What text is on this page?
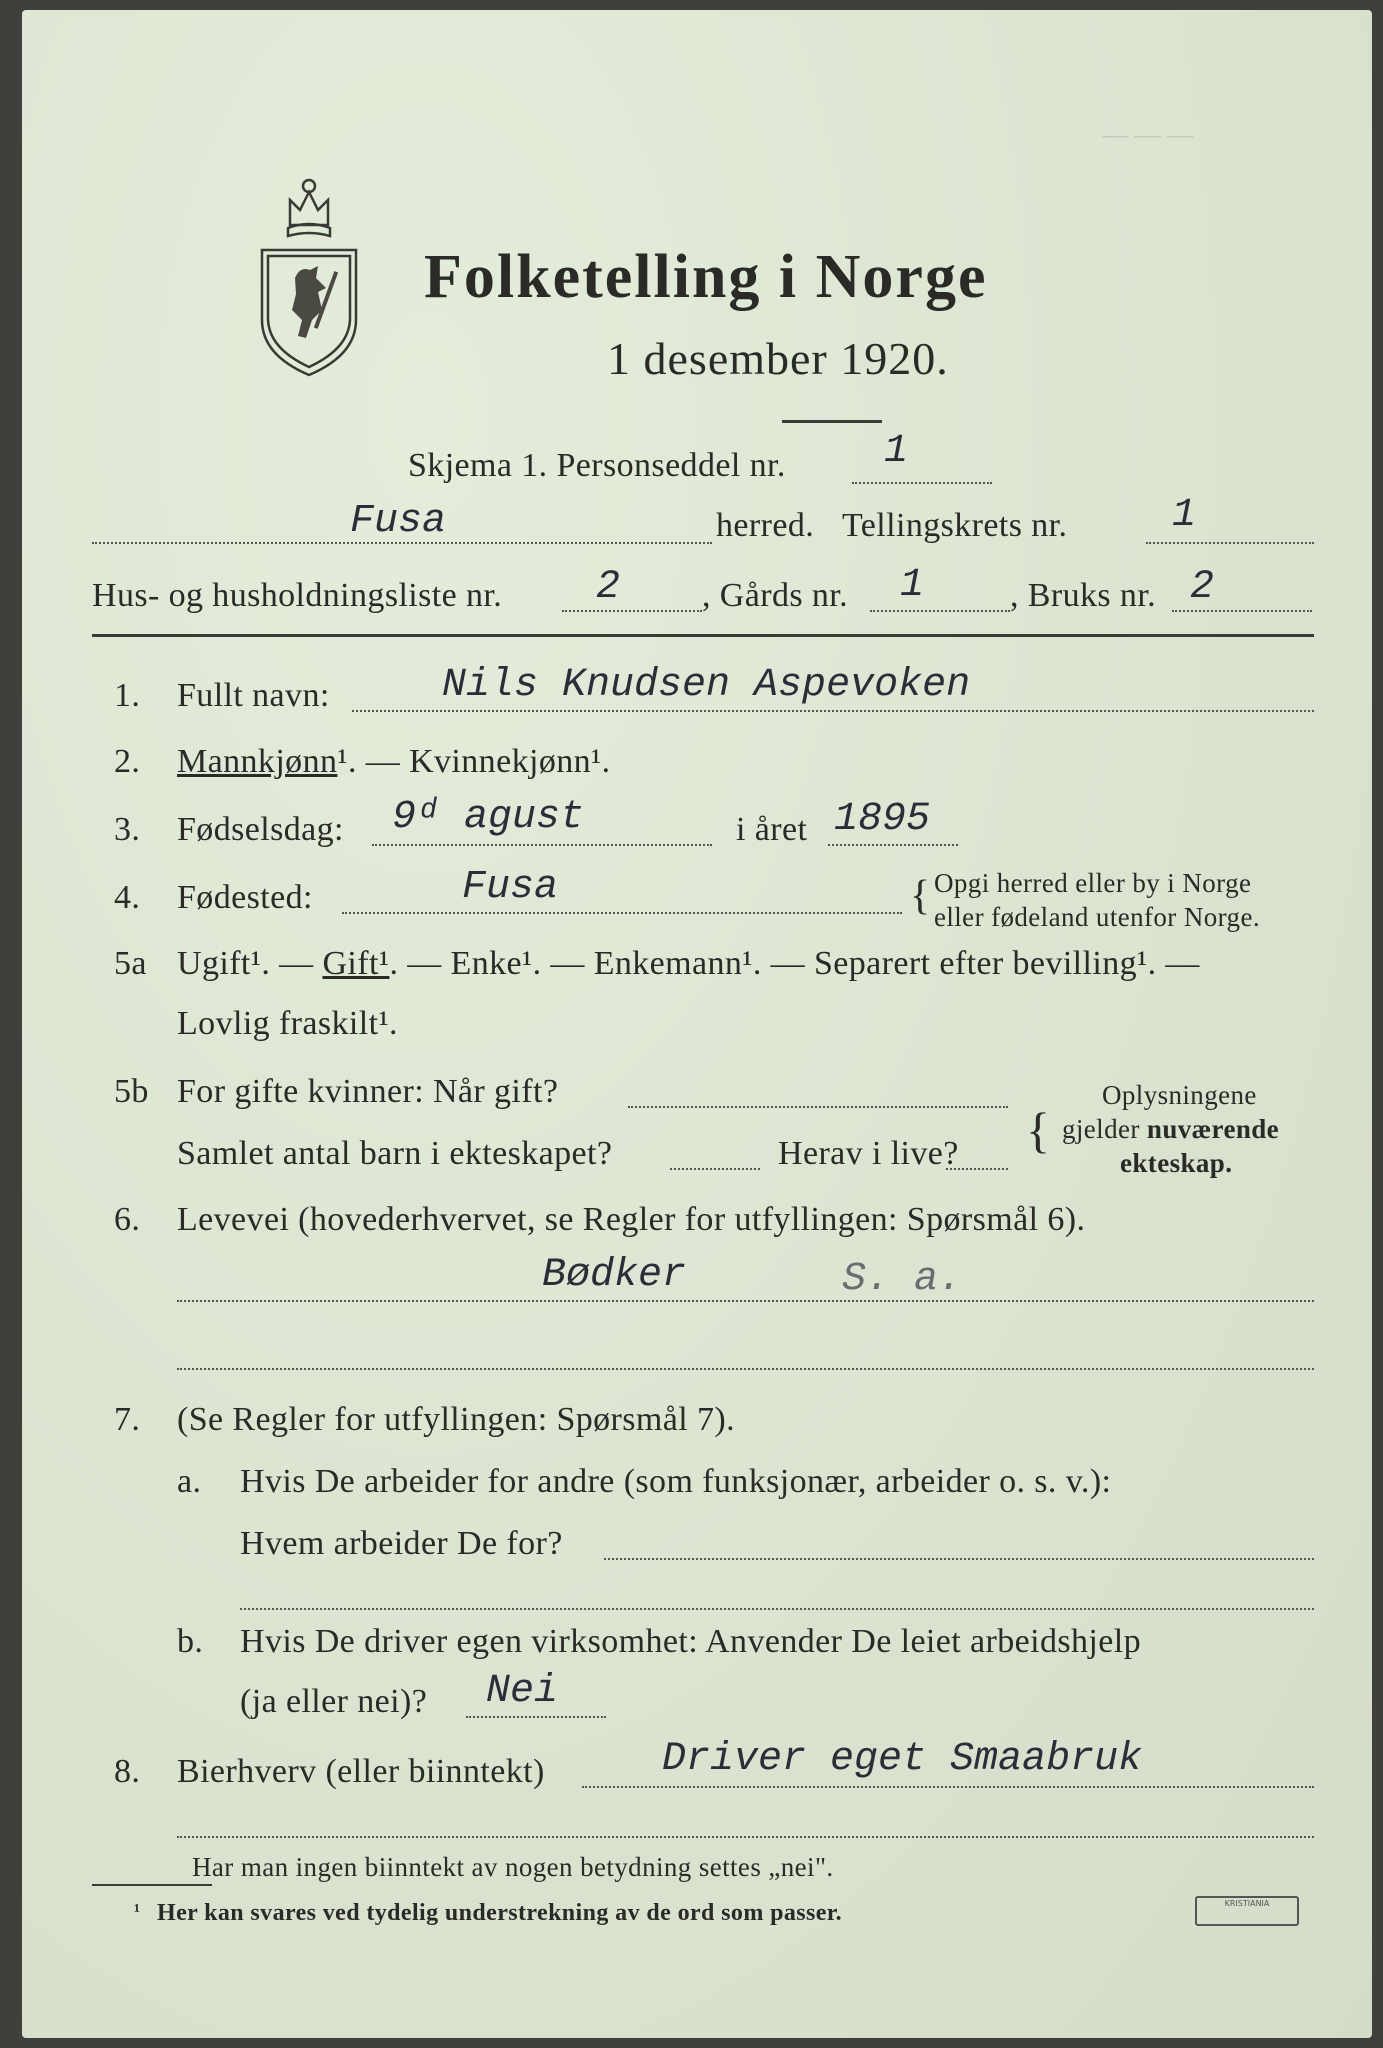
Folketelling i Norge
1 desember 1920.
— — —
Skjema 1. Personseddel nr. 1
Fusa	herred. Tellingskrets nr.	1
Hus- og husholdningsliste nr. 2 , Gårds nr. 1	, Bruks nr. 2
1. Fullt navn:	Nils Knudsen Aspevoken
2. Mannkjønn¹. — Kvinnekjønn¹.
3. Fødselsdag: 9ᵈ agust	i året 1895
4. Fødested:	Fusa	{ Opgi herred eller by i Norge
eller fødeland utenfor Norge.
5a Ugift¹. — Gift¹. — Enke¹. — Enkemann¹. — Separert efter bevilling¹. —
Lovlig fraskilt¹.
5b For gifte kvinner: Når gift?
Samlet antal barn i ekteskapet?	Herav i live? {
Oplysningene
gjelder nuværende
ekteskap.
6. Levevei (hovederhvervet, se Regler for utfyllingen: Spørsmål 6).
Bødker	S. a.
7. (Se Regler for utfyllingen: Spørsmål 7).
a. Hvis De arbeider for andre (som funksjonær, arbeider o. s. v.):
Hvem arbeider De for?
b. Hvis De driver egen virksomhet: Anvender De leiet arbeidshjelp
(ja eller nei)? Nei
8. Bierhverv (eller biinntekt)	Driver eget Smaabruk
Har man ingen biinntekt av nogen betydning settes „nei".
¹ Her kan svares ved tydelig understrekning av de ord som passer.	KRISTIANIA
